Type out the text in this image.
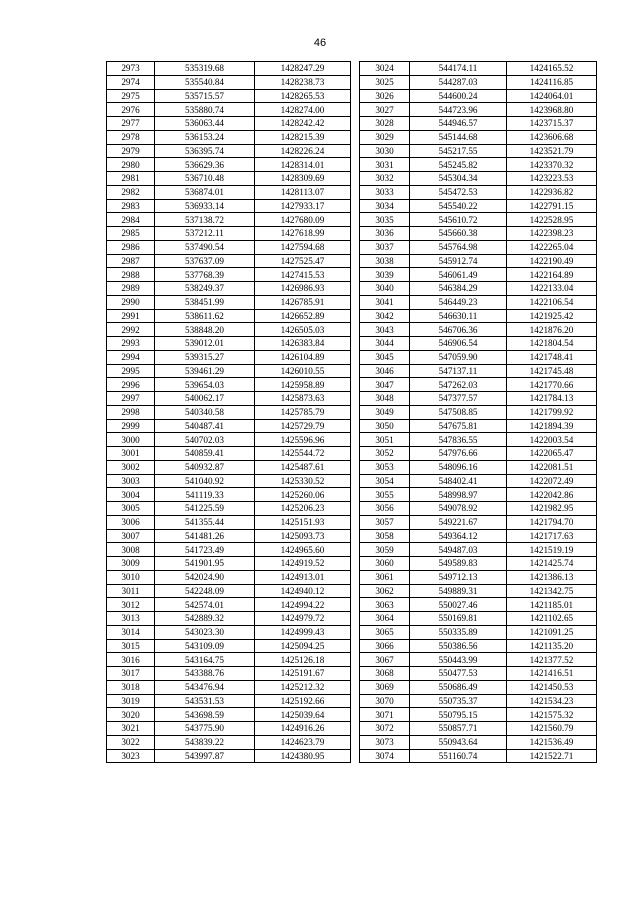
46
2973	535319.68	1428247.29
2974	535540.84	1428238.73
2975	535715.57	1428265.53
2976	535880.74	1428274.00
2977	536063.44	1428242.42
2978	536153.24	1428215.39
2979	536395.74	1428226.24
2980	536629.36	1428314.01
2981	536710.48	1428309.69
2982	536874.01	1428113.07
2983	536933.14	1427933.17
2984	537138.72	1427680.09
2985	537212.11	1427618.99
2986	537490.54	1427594.68
2987	537637.09	1427525.47
2988	537768.39	1427415.53
2989	538249.37	1426986.93
2990	538451.99	1426785.91
2991	538611.62	1426652.89
2992	538848.20	1426505.03
2993	539012.01	1426383.84
2994	539315.27	1426104.89
2995	539461.29	1426010.55
2996	539654.03	1425958.89
2997	540062.17	1425873.63
2998	540340.58	1425785.79
2999	540487.41	1425729.79
3000	540702.03	1425596.96
3001	540859.41	1425544.72
3002	540932.87	1425487.61
3003	541040.92	1425330.52
3004	541119.33	1425260.06
3005	541225.59	1425206.23
3006	541355.44	1425151.93
3007	541481.26	1425093.73
3008	541723.49	1424965.60
3009	541901.95	1424919.52
3010	542024.90	1424913.01
3011	542248.09	1424940.12
3012	542574.01	1424994.22
3013	542889.32	1424979.72
3014	543023.30	1424999.43
3015	543109.09	1425094.25
3016	543164.75	1425126.18
3017	543388.76	1425191.67
3018	543476.94	1425212.32
3019	543531.53	1425192.66
3020	543698.59	1425039.64
3021	543775.90	1424916.26
3022	543839.22	1424623.79
3023	543997.87	1424380.95
3024	544174.11	1424165.52
3025	544287.03	1424116.85
3026	544600.24	1424064.01
3027	544723.96	1423968.80
3028	544946.57	1423715.37
3029	545144.68	1423606.68
3030	545217.55	1423521.79
3031	545245.82	1423370.32
3032	545304.34	1423223.53
3033	545472.53	1422936.82
3034	545540.22	1422791.15
3035	545610.72	1422528.95
3036	545660.38	1422398.23
3037	545764.98	1422265.04
3038	545912.74	1422190.49
3039	546061.49	1422164.89
3040	546384.29	1422133.04
3041	546449.23	1422106.54
3042	546630.11	1421925.42
3043	546706.36	1421876.20
3044	546906.54	1421804.54
3045	547059.90	1421748.41
3046	547137.11	1421745.48
3047	547262.03	1421770.66
3048	547377.57	1421784.13
3049	547508.85	1421799.92
3050	547675.81	1421894.39
3051	547836.55	1422003.54
3052	547976.66	1422065.47
3053	548096.16	1422081.51
3054	548402.41	1422072.49
3055	548998.97	1422042.86
3056	549078.92	1421982.95
3057	549221.67	1421794.70
3058	549364.12	1421717.63
3059	549487.03	1421519.19
3060	549589.83	1421425.74
3061	549712.13	1421386.13
3062	549889.31	1421342.75
3063	550027.46	1421185.01
3064	550169.81	1421102.65
3065	550335.89	1421091.25
3066	550386.56	1421135.20
3067	550443.99	1421377.52
3068	550477.53	1421416.51
3069	550686.49	1421450.53
3070	550735.37	1421534.23
3071	550795.15	1421575.32
3072	550857.71	1421560.79
3073	550943.64	1421536.49
3074	551160.74	1421522.71
